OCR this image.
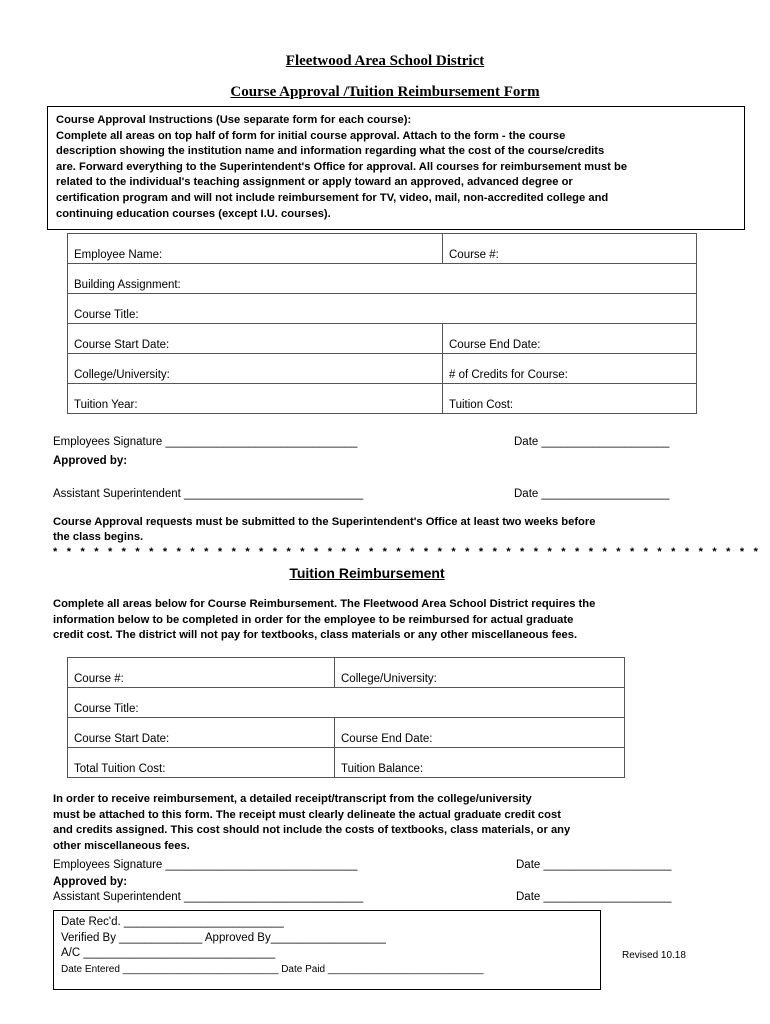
Fleetwood Area School District
Course Approval /Tuition Reimbursement Form
Course Approval Instructions (Use separate form for each course):
Complete all areas on top half of form for initial course approval. Attach to the form - the course
description showing the institution name and information regarding what the cost of the course/credits
are. Forward everything to the Superintendent's Office for approval. All courses for reimbursement must be
related to the individual's teaching assignment or apply toward an approved, advanced degree or
certification program and will not include reimbursement for TV, video, mail, non-accredited college and
continuing education courses (except I.U. courses).
Employee Name:	Course #:
Building Assignment:	
Course Title:	
Course Start Date:	Course End Date:
College/University:	# of Credits for Course:
Tuition Year:	Tuition Cost:
Employees Signature ______________________________	Date ____________________
Approved by:
Assistant Superintendent ____________________________	Date ____________________
Course Approval requests must be submitted to the Superintendent's Office at least two weeks before
the class begins.
* * * * * * * * * * * * * * * * * * * * * * * * * * * * * * * * * * * * * * * * * * * * * * * * * * * *
Tuition Reimbursement
Complete all areas below for Course Reimbursement. The Fleetwood Area School District requires the
information below to be completed in order for the employee to be reimbursed for actual graduate
credit cost. The district will not pay for textbooks, class materials or any other miscellaneous fees.
Course #:	College/University:
Course Title:	
Course Start Date:	Course End Date:
Total Tuition Cost:	Tuition Balance:
In order to receive reimbursement, a detailed receipt/transcript from the college/university
must be attached to this form. The receipt must clearly delineate the actual graduate credit cost
and credits assigned. This cost should not include the costs of textbooks, class materials, or any
other miscellaneous fees.
Employees Signature ______________________________	Date ____________________
Approved by:
Assistant Superintendent ____________________________	Date ____________________
Date Rec'd. _________________________
Verified By _____________ Approved By__________________
A/C ______________________________
Date Entered ____________________________ Date Paid ____________________________
Revised 10.18
